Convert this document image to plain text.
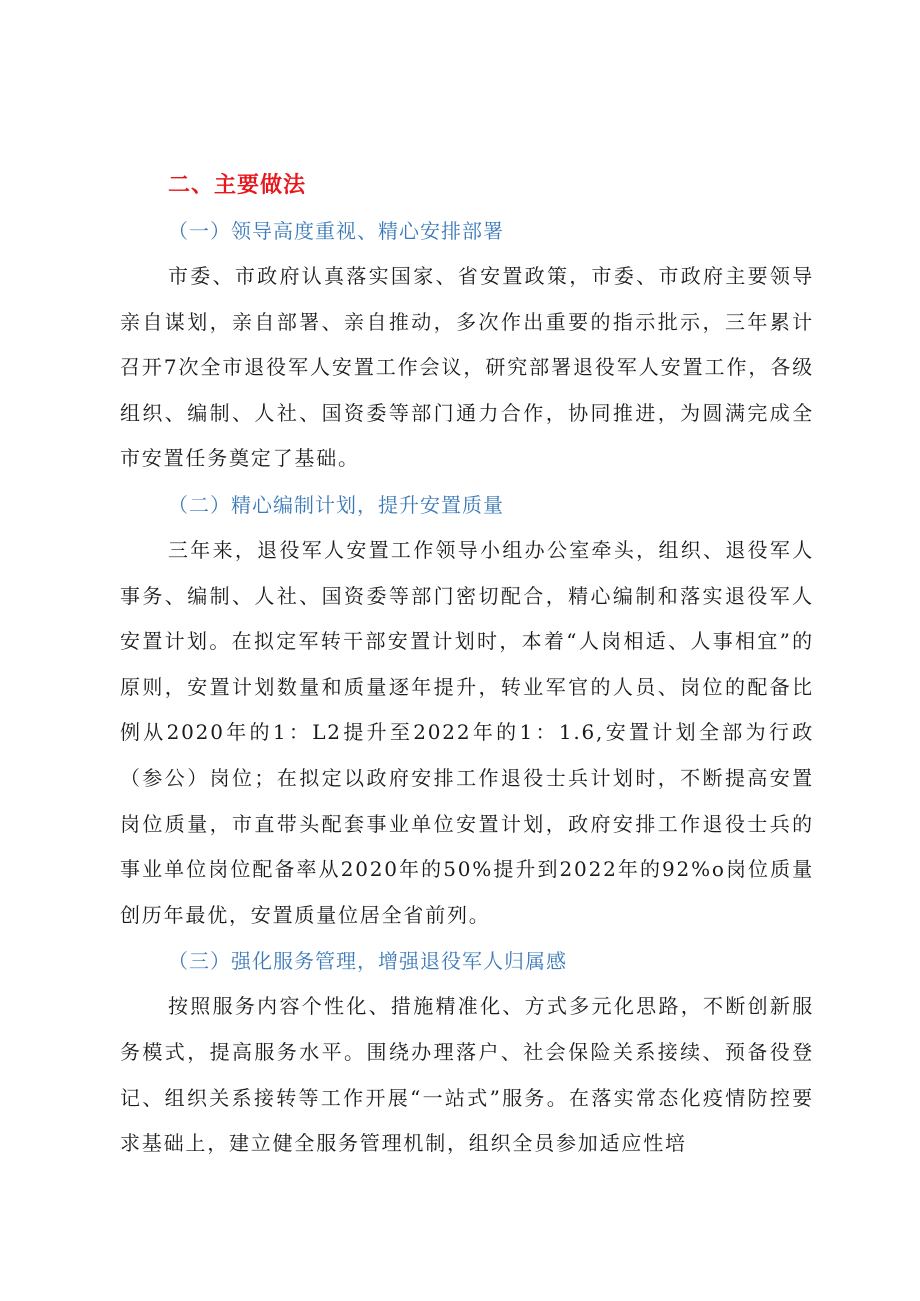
二、主要做法
（一）领导高度重视、精心安排部署

市委、市政府认真落实国家、省安置政策，市委、市政府主要领导亲自谋划，亲自部署、亲自推动，多次作出重要的指示批示，三年累计召开7次全市退役军人安置工作会议，研究部署退役军人安置工作，各级组织、编制、人社、国资委等部门通力合作，协同推进，为圆满完成全市安置任务奠定了基础。

（二）精心编制计划，提升安置质量

三年来，退役军人安置工作领导小组办公室牵头，组织、退役军人事务、编制、人社、国资委等部门密切配合，精心编制和落实退役军人安置计划。在拟定军转干部安置计划时，本着“人岗相适、人事相宜”的原则，安置计划数量和质量逐年提升，转业军官的人员、岗位的配备比例从2020年的1：L2提升至2022年的1：1.6,安置计划全部为行政（参公）岗位；在拟定以政府安排工作退役士兵计划时，不断提高安置岗位质量，市直带头配套事业单位安置计划，政府安排工作退役士兵的事业单位岗位配备率从2020年的50%提升到2022年的92%o岗位质量创历年最优，安置质量位居全省前列。

（三）强化服务管理，增强退役军人归属感

按照服务内容个性化、措施精准化、方式多元化思路，不断创新服务模式，提高服务水平。围绕办理落户、社会保险关系接续、预备役登记、组织关系接转等工作开展“一站式”服务。在落实常态化疫情防控要求基础上，建立健全服务管理机制，组织全员参加适应性培
